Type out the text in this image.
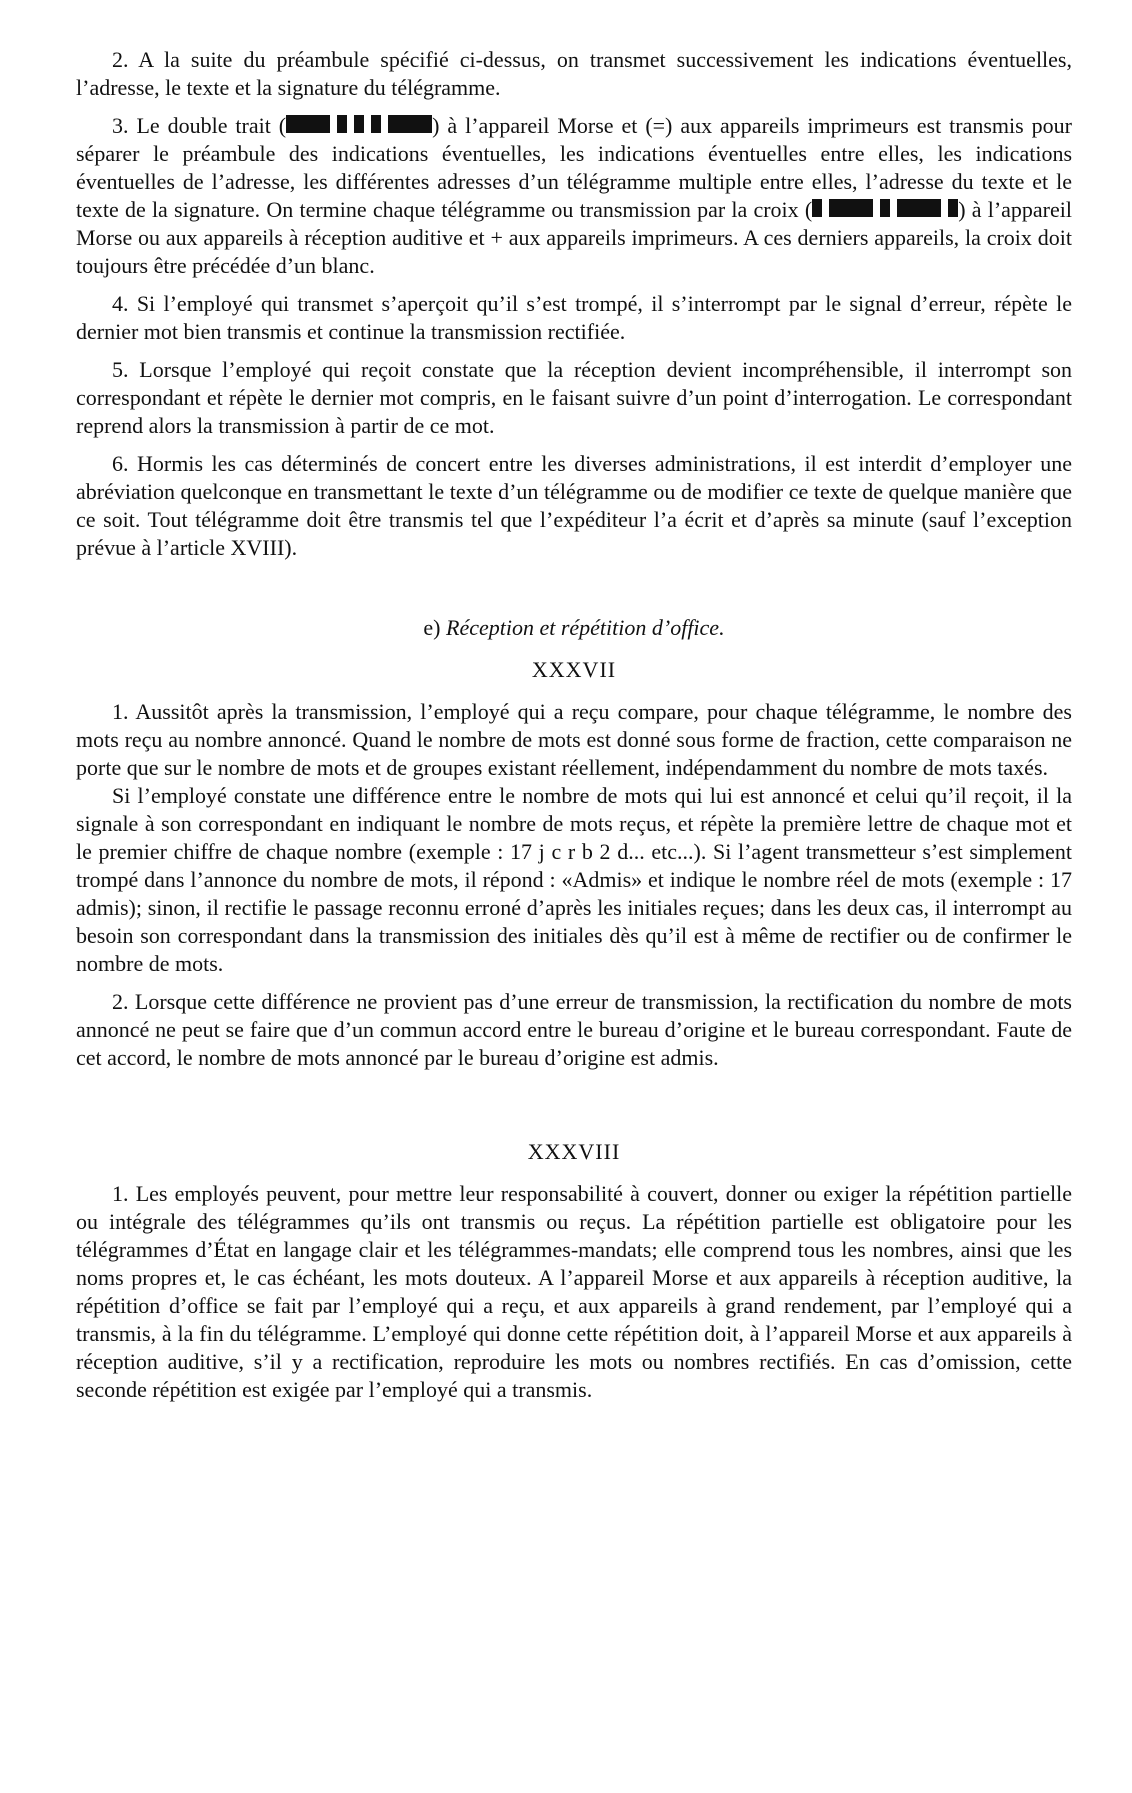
2. A la suite du préambule spécifié ci-dessus, on transmet successivement les indications éventuelles, l’adresse, le texte et la signature du télégramme.

3. Le double trait (	) à l’appareil Morse et (=) aux appareils imprimeurs est transmis pour séparer le préambule des indications éventuelles, les indications éventuelles entre elles, les indications éventuelles de l’adresse, les différentes adresses d’un télégramme multiple entre elles, l’adresse du texte et le texte de la signature. On termine chaque télégramme ou transmission par la croix (	) à l’appareil Morse ou aux appareils à réception auditive et + aux appareils imprimeurs. A ces derniers appareils, la croix doit toujours être précédée d’un blanc.

4. Si l’employé qui transmet s’aperçoit qu’il s’est trompé, il s’interrompt par le signal d’erreur, répète le dernier mot bien transmis et continue la transmission rectifiée.

5. Lorsque l’employé qui reçoit constate que la réception devient incompréhensible, il interrompt son correspondant et répète le dernier mot compris, en le faisant suivre d’un point d’interrogation. Le correspondant reprend alors la transmission à partir de ce mot.

6. Hormis les cas déterminés de concert entre les diverses administrations, il est interdit d’employer une abréviation quelconque en transmettant le texte d’un télégramme ou de modifier ce texte de quelque manière que ce soit. Tout télégramme doit être transmis tel que l’expéditeur l’a écrit et d’après sa minute (sauf l’exception prévue à l’article XVIII).

e) Réception et répétition d’office.

XXXVII

1. Aussitôt après la transmission, l’employé qui a reçu compare, pour chaque télégramme, le nombre des mots reçu au nombre annoncé. Quand le nombre de mots est donné sous forme de fraction, cette comparaison ne porte que sur le nombre de mots et de groupes existant réellement, indépendamment du nombre de mots taxés.

Si l’employé constate une différence entre le nombre de mots qui lui est annoncé et celui qu’il reçoit, il la signale à son correspondant en indiquant le nombre de mots reçus, et répète la première lettre de chaque mot et le premier chiffre de chaque nombre (exemple : 17 j c r b 2 d... etc...). Si l’agent transmetteur s’est simplement trompé dans l’annonce du nombre de mots, il répond : «Admis» et indique le nombre réel de mots (exemple : 17 admis); sinon, il rectifie le passage reconnu erroné d’après les initiales reçues; dans les deux cas, il interrompt au besoin son correspondant dans la transmission des initiales dès qu’il est à même de rectifier ou de confirmer le nombre de mots.

2. Lorsque cette différence ne provient pas d’une erreur de transmission, la rectification du nombre de mots annoncé ne peut se faire que d’un commun accord entre le bureau d’origine et le bureau correspondant. Faute de cet accord, le nombre de mots annoncé par le bureau d’origine est admis.

XXXVIII

1. Les employés peuvent, pour mettre leur responsabilité à couvert, donner ou exiger la répétition partielle ou intégrale des télégrammes qu’ils ont transmis ou reçus. La répétition partielle est obligatoire pour les télégrammes d’État en langage clair et les télégrammes-mandats; elle comprend tous les nombres, ainsi que les noms propres et, le cas échéant, les mots douteux. A l’appareil Morse et aux appareils à réception auditive, la répétition d’office se fait par l’employé qui a reçu, et aux appareils à grand rendement, par l’employé qui a transmis, à la fin du télégramme. L’employé qui donne cette répétition doit, à l’appareil Morse et aux appareils à réception auditive, s’il y a rectification, reproduire les mots ou nombres rectifiés. En cas d’omission, cette seconde répétition est exigée par l’employé qui a transmis.
